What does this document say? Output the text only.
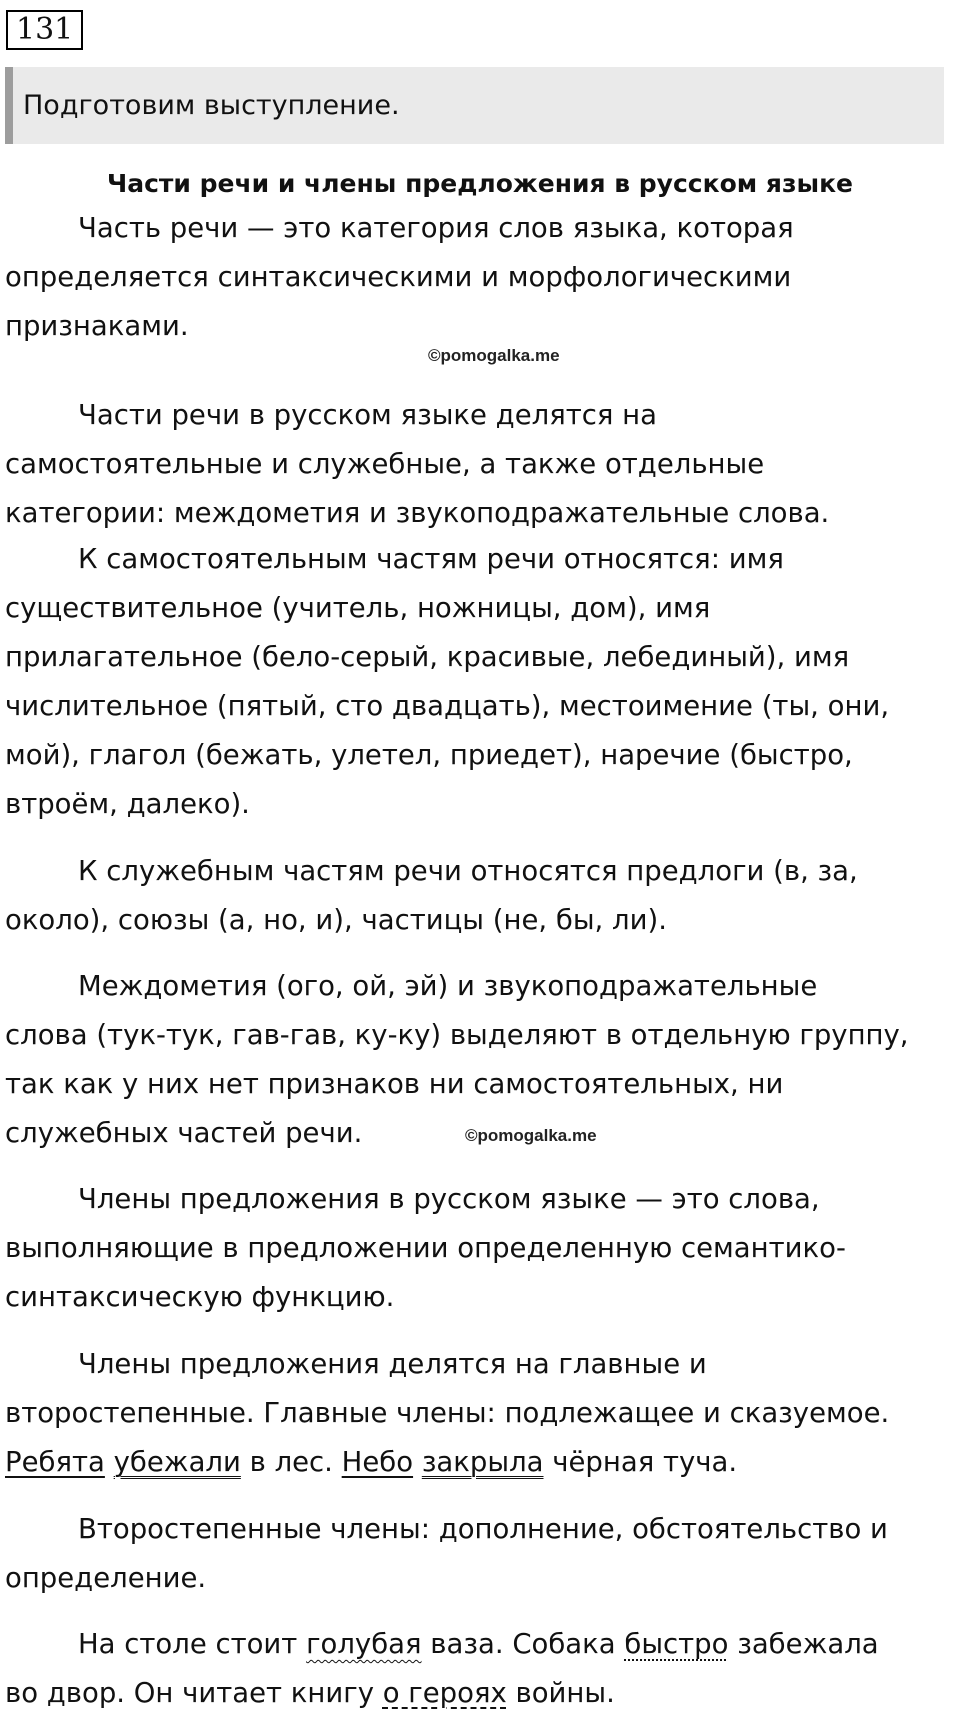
131
Подготовим выступление.
Части речи и члены предложения в русском языке

Часть речи — это категория слов языка, которая
определяется синтаксическими и морфологическими
признаками.

©pomogalka.me

Части речи в русском языке делятся на
самостоятельные и служебные, а также отдельные
категории: междометия и звукоподражательные слова.

К самостоятельным частям речи относятся: имя
существительное (учитель, ножницы, дом), имя
прилагательное (бело-серый, красивые, лебединый), имя
числительное (пятый, сто двадцать), местоимение (ты, они,
мой), глагол (бежать, улетел, приедет), наречие (быстро,
втроём, далеко).

К служебным частям речи относятся предлоги (в, за,
около), союзы (а, но, и), частицы (не, бы, ли).

Междометия (ого, ой, эй) и звукоподражательные
слова (тук-тук, гав-гав, ку-ку) выделяют в отдельную группу,
так как у них нет признаков ни самостоятельных, ни
служебных частей речи.	©pomogalka.me

Члены предложения в русском языке — это слова,
выполняющие в предложении определенную семантико-
синтаксическую функцию.

Члены предложения делятся на главные и
второстепенные. Главные члены: подлежащее и сказуемое.
Ребята убежали в лес. Небо закрыла чёрная туча.

Второстепенные члены: дополнение, обстоятельство и
определение.

На столе стоит голубая ваза. Собака быстро забежала
во двор. Он читает книгу о героях войны.
